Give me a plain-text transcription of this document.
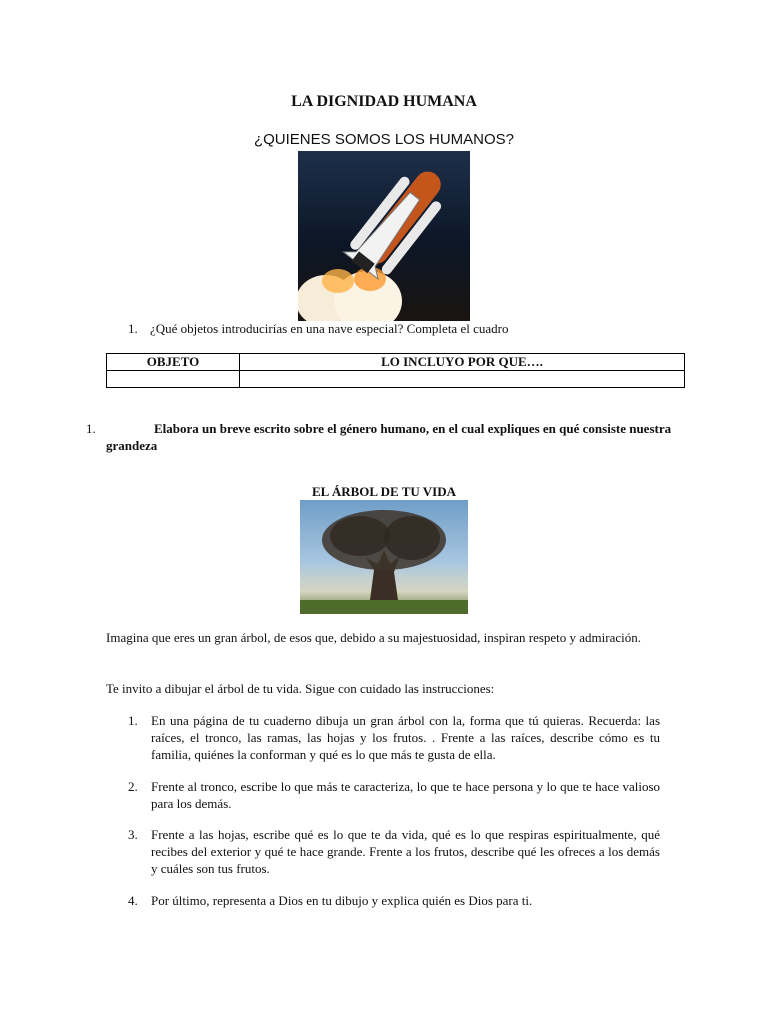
LA DIGNIDAD HUMANA
¿QUIENES SOMOS LOS HUMANOS?
1. ¿Qué objetos introducirías en una nave especial? Completa el cuadro
OBJETO	LO INCLUYO POR QUE….

1.	Elabora un breve escrito sobre el género humano, en el cual expliques en qué consiste nuestra grandeza
EL ÁRBOL DE TU VIDA
Imagina que eres un gran árbol, de esos que, debido a su majestuosidad, inspiran respeto y admiración.
Te invito a dibujar el árbol de tu vida. Sigue con cuidado las instrucciones:
1.	En una página de tu cuaderno dibuja un gran árbol con la, forma que tú quieras. Recuerda: las raíces, el tronco, las ramas, las hojas y los frutos. . Frente a las raíces, describe cómo es tu familia, quiénes la conforman y qué es lo que más te gusta de ella.
2.	Frente al tronco, escribe lo que más te caracteriza, lo que te hace persona y lo que te hace valioso para los demás.
3.	Frente a las hojas, escribe qué es lo que te da vida, qué es lo que respiras espiritualmente, qué recibes del exterior y qué te hace grande. Frente a los frutos, describe qué les ofreces a los demás y cuáles son tus frutos.
4.	Por último, representa a Dios en tu dibujo y explica quién es Dios para ti.
